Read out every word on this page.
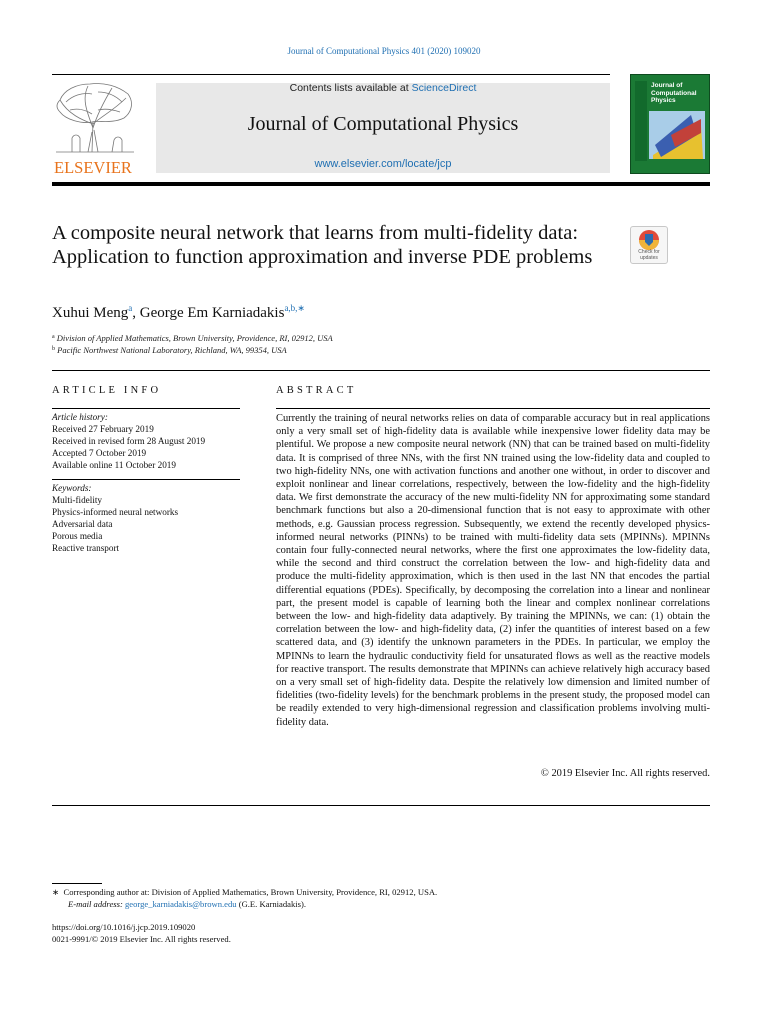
Journal of Computational Physics 401 (2020) 109020
ELSEVIER
Contents lists available at ScienceDirect
Journal of Computational Physics
www.elsevier.com/locate/jcp
Journal of Computational Physics
A composite neural network that learns from multi-fidelity data: Application to function approximation and inverse PDE problems	Check for updates
Xuhui Meng$^a$, George Em Karniadakis$^{a,b,∗}$
$^a$ Division of Applied Mathematics, Brown University, Providence, RI, 02912, USA
$^b$ Pacific Northwest National Laboratory, Richland, WA, 99354, USA
ARTICLE INFO
Article history:
Received 27 February 2019
Received in revised form 28 August 2019
Accepted 7 October 2019
Available online 11 October 2019
Keywords:
Multi-fidelity
Physics-informed neural networks
Adversarial data
Porous media
Reactive transport
ABSTRACT
Currently the training of neural networks relies on data of comparable accuracy but in real applications only a very small set of high-fidelity data is available while inexpensive lower fidelity data may be plentiful. We propose a new composite neural network (NN) that can be trained based on multi-fidelity data. It is comprised of three NNs, with the first NN trained using the low-fidelity data and coupled to two high-fidelity NNs, one with activation functions and another one without, in order to discover and exploit nonlinear and linear correlations, respectively, between the low-fidelity and the high-fidelity data. We first demonstrate the accuracy of the new multi-fidelity NN for approximating some standard benchmark functions but also a 20-dimensional function that is not easy to approximate with other methods, e.g. Gaussian process regression. Subsequently, we extend the recently developed physics-informed neural networks (PINNs) to be trained with multi-fidelity data sets (MPINNs). MPINNs contain four fully-connected neural networks, where the first one approximates the low-fidelity data, while the second and third construct the correlation between the low- and high-fidelity data and produce the multi-fidelity approximation, which is then used in the last NN that encodes the partial differential equations (PDEs). Specifically, by decomposing the correlation into a linear and nonlinear part, the present model is capable of learning both the linear and complex nonlinear correlations between the low- and high-fidelity data adaptively. By training the MPINNs, we can: (1) obtain the correlation between the low- and high-fidelity data, (2) infer the quantities of interest based on a few scattered data, and (3) identify the unknown parameters in the PDEs. In particular, we employ the MPINNs to learn the hydraulic conductivity field for unsaturated flows as well as the reactive models for reactive transport. The results demonstrate that MPINNs can achieve relatively high accuracy based on a very small set of high-fidelity data. Despite the relatively low dimension and limited number of fidelities (two-fidelity levels) for the benchmark problems in the present study, the proposed model can be readily extended to very high-dimensional regression and classification problems involving multi-fidelity data.
© 2019 Elsevier Inc. All rights reserved.
∗ Corresponding author at: Division of Applied Mathematics, Brown University, Providence, RI, 02912, USA.
E-mail address: george_karniadakis@brown.edu (G.E. Karniadakis).
https://doi.org/10.1016/j.jcp.2019.109020
0021-9991/© 2019 Elsevier Inc. All rights reserved.
